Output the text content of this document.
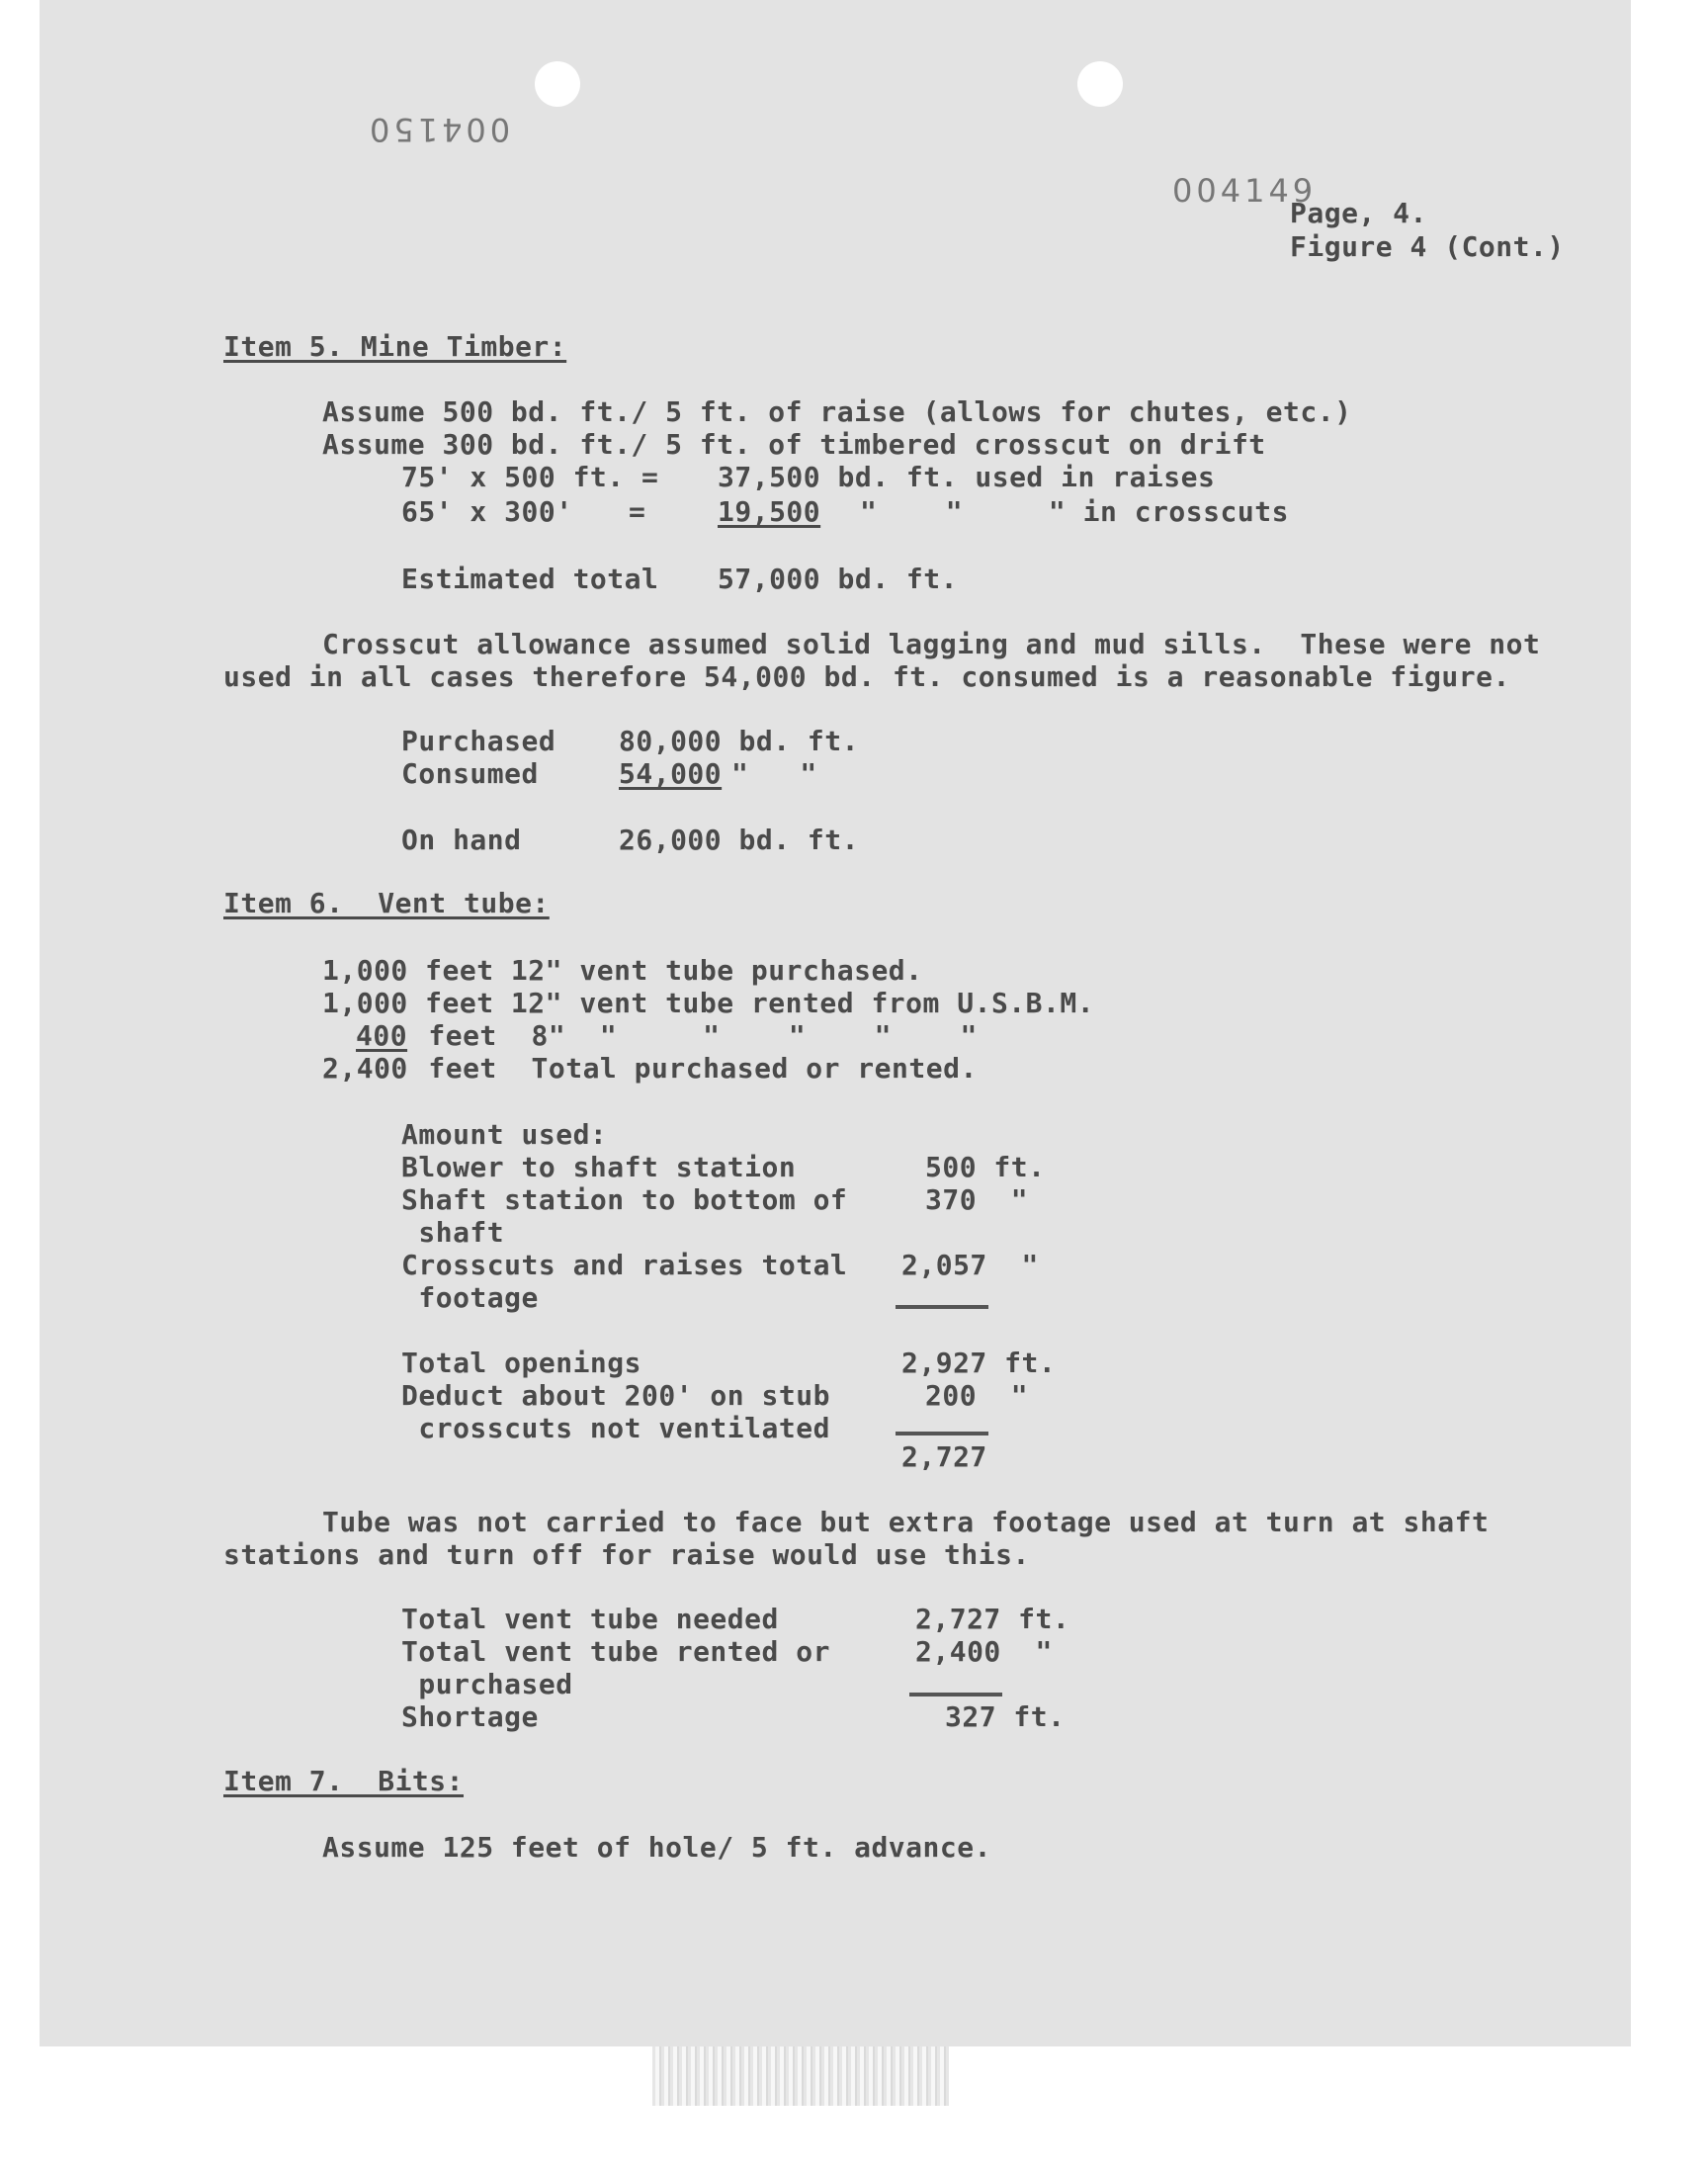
004150
004149
Page, 4.
Figure 4 (Cont.)
Item 5. Mine Timber:
Assume 500 bd. ft./ 5 ft. of raise (allows for chutes, etc.)
Assume 300 bd. ft./ 5 ft. of timbered crosscut on drift
75' x 500 ft. = 37,500 bd. ft. used in raises
65' x 300' =	19,500 "    "     " in crosscuts
Estimated total 57,000 bd. ft.
Crosscut allowance assumed solid lagging and mud sills.  These were not
used in all cases therefore 54,000 bd. ft. consumed is a reasonable figure.
Purchased 80,000 bd. ft.
Consumed	54,000 "   "
On hand	26,000 bd. ft.
Item 6.  Vent tube:
1,000 feet 12" vent tube purchased.
1,000 feet 12" vent tube rented from U.S.B.M.
400 feet  8"  "     "    "    "    "
2,400 feet  Total purchased or rented.
Amount used:
Blower to shaft station	500 ft.
Shaft station to bottom of	370  "
shaft
Crosscuts and raises total 2,057  "
footage
Total openings	2,927 ft.
Deduct about 200' on stub	200  "
crosscuts not ventilated
2,727
Tube was not carried to face but extra footage used at turn at shaft
stations and turn off for raise would use this.
Total vent tube needed	2,727 ft.
Total vent tube rented or	2,400  "
purchased
Shortage	327 ft.
Item 7.  Bits:
Assume 125 feet of hole/ 5 ft. advance.
